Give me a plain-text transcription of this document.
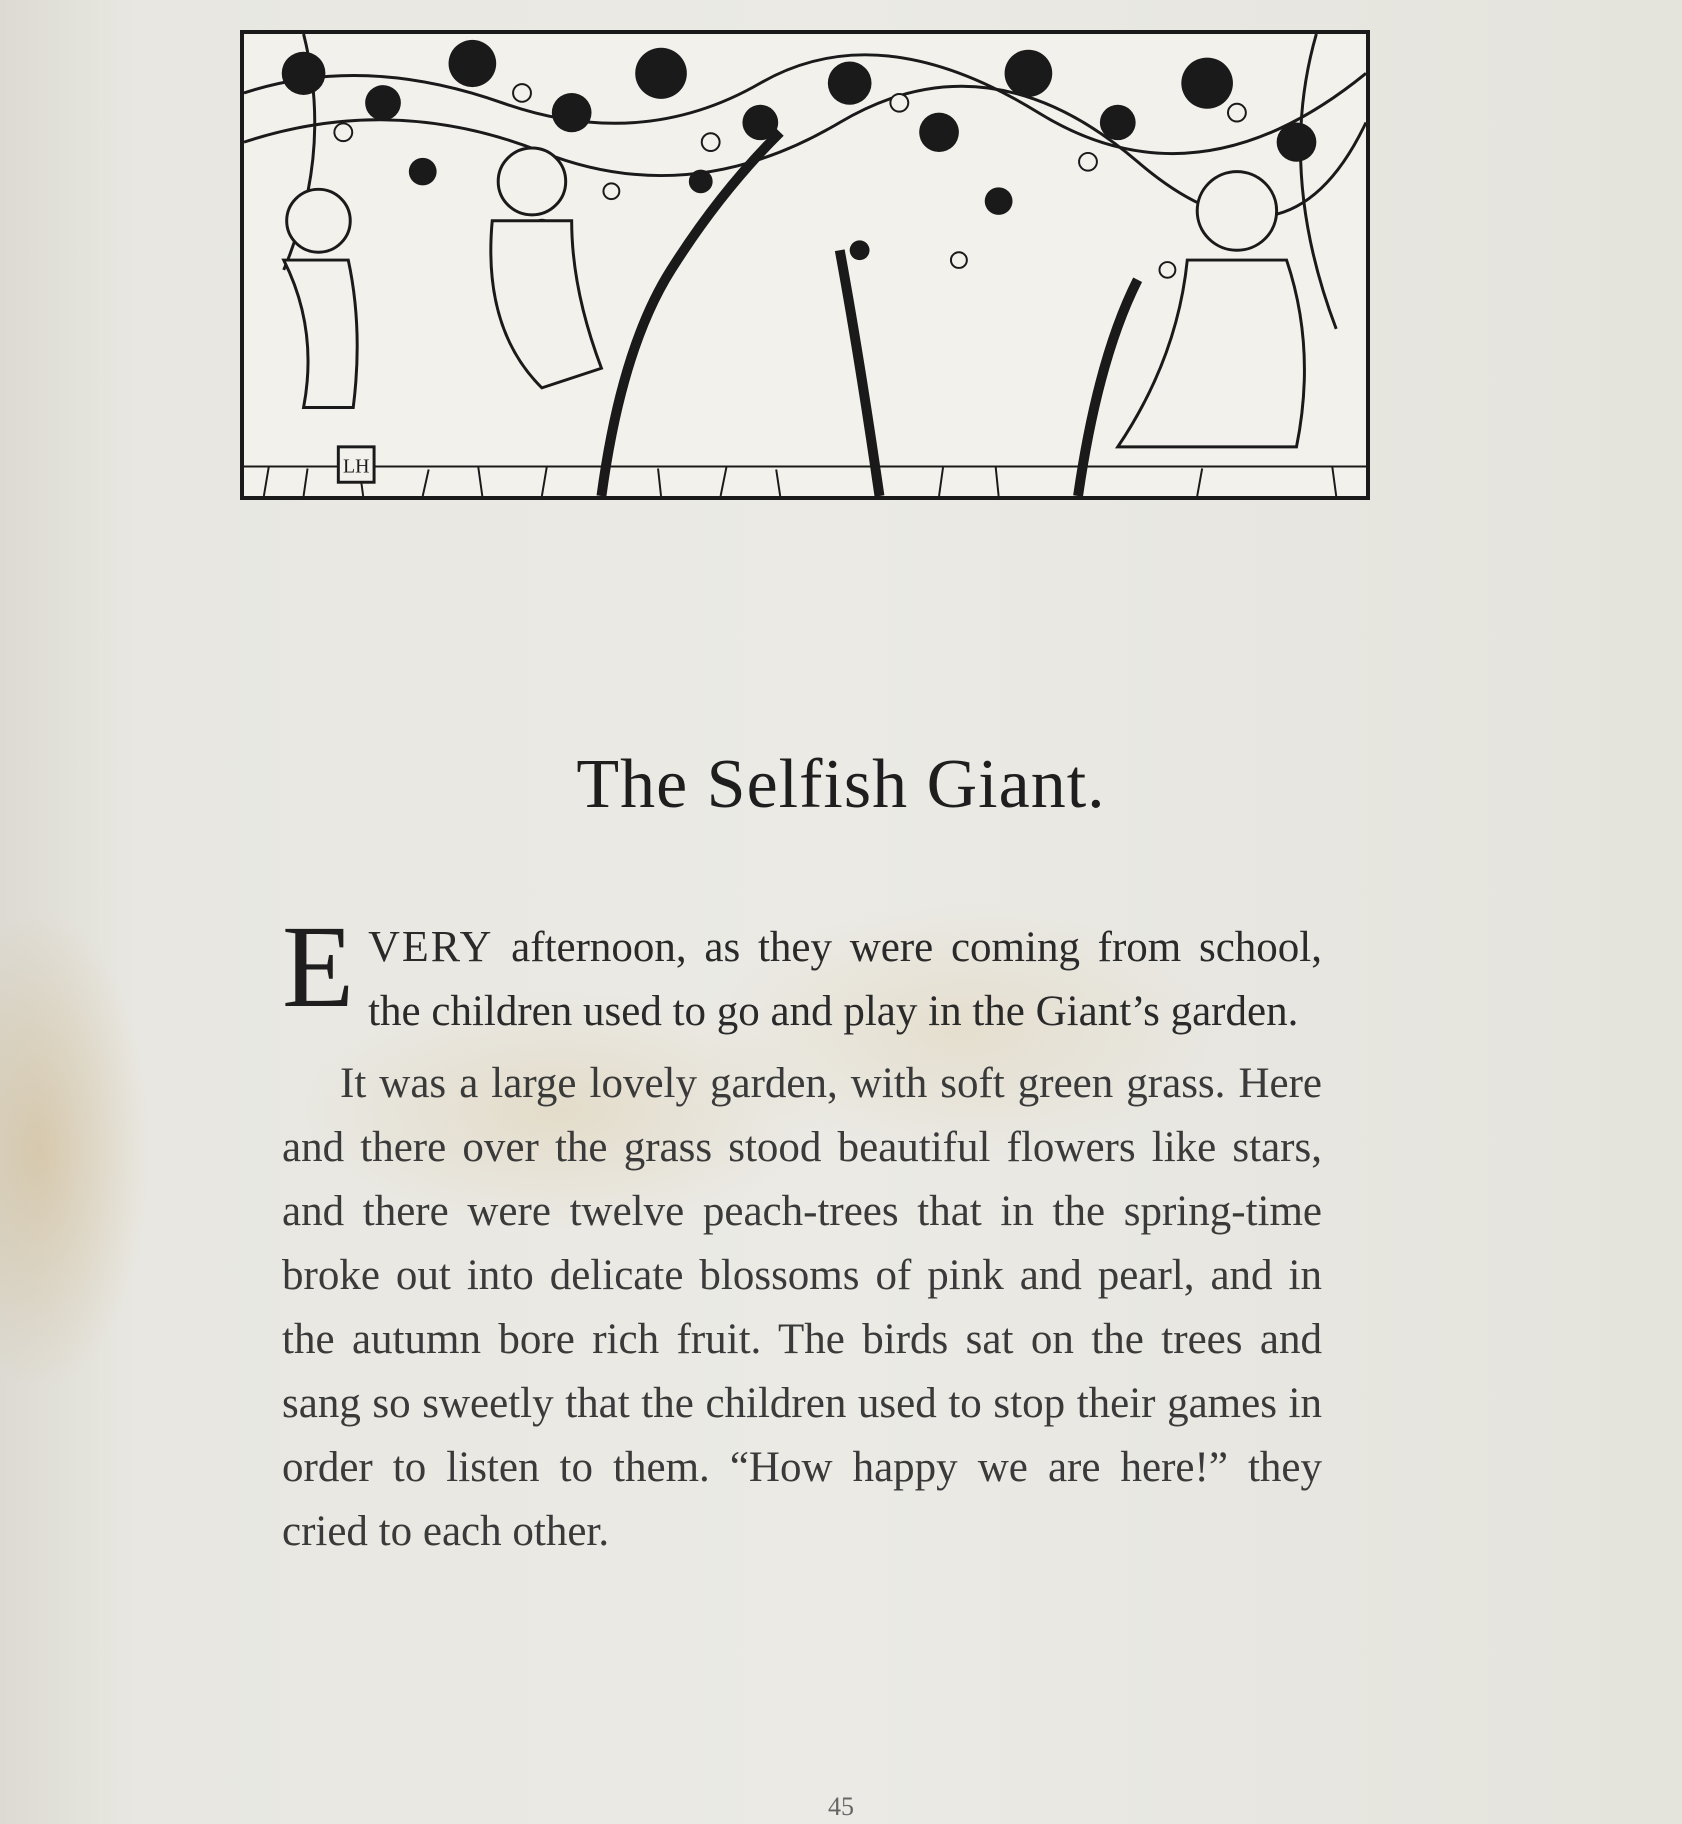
LH
The Selfish Giant.

EVERY afternoon, as they were coming from school, the children used to go and play in the Giant’s garden.

It was a large lovely garden, with soft green grass. Here and there over the grass stood beautiful flowers like stars, and there were twelve peach-trees that in the spring-time broke out into delicate blossoms of pink and pearl, and in the autumn bore rich fruit. The birds sat on the trees and sang so sweetly that the children used to stop their games in order to listen to them. “How happy we are here!” they cried to each other.

45
